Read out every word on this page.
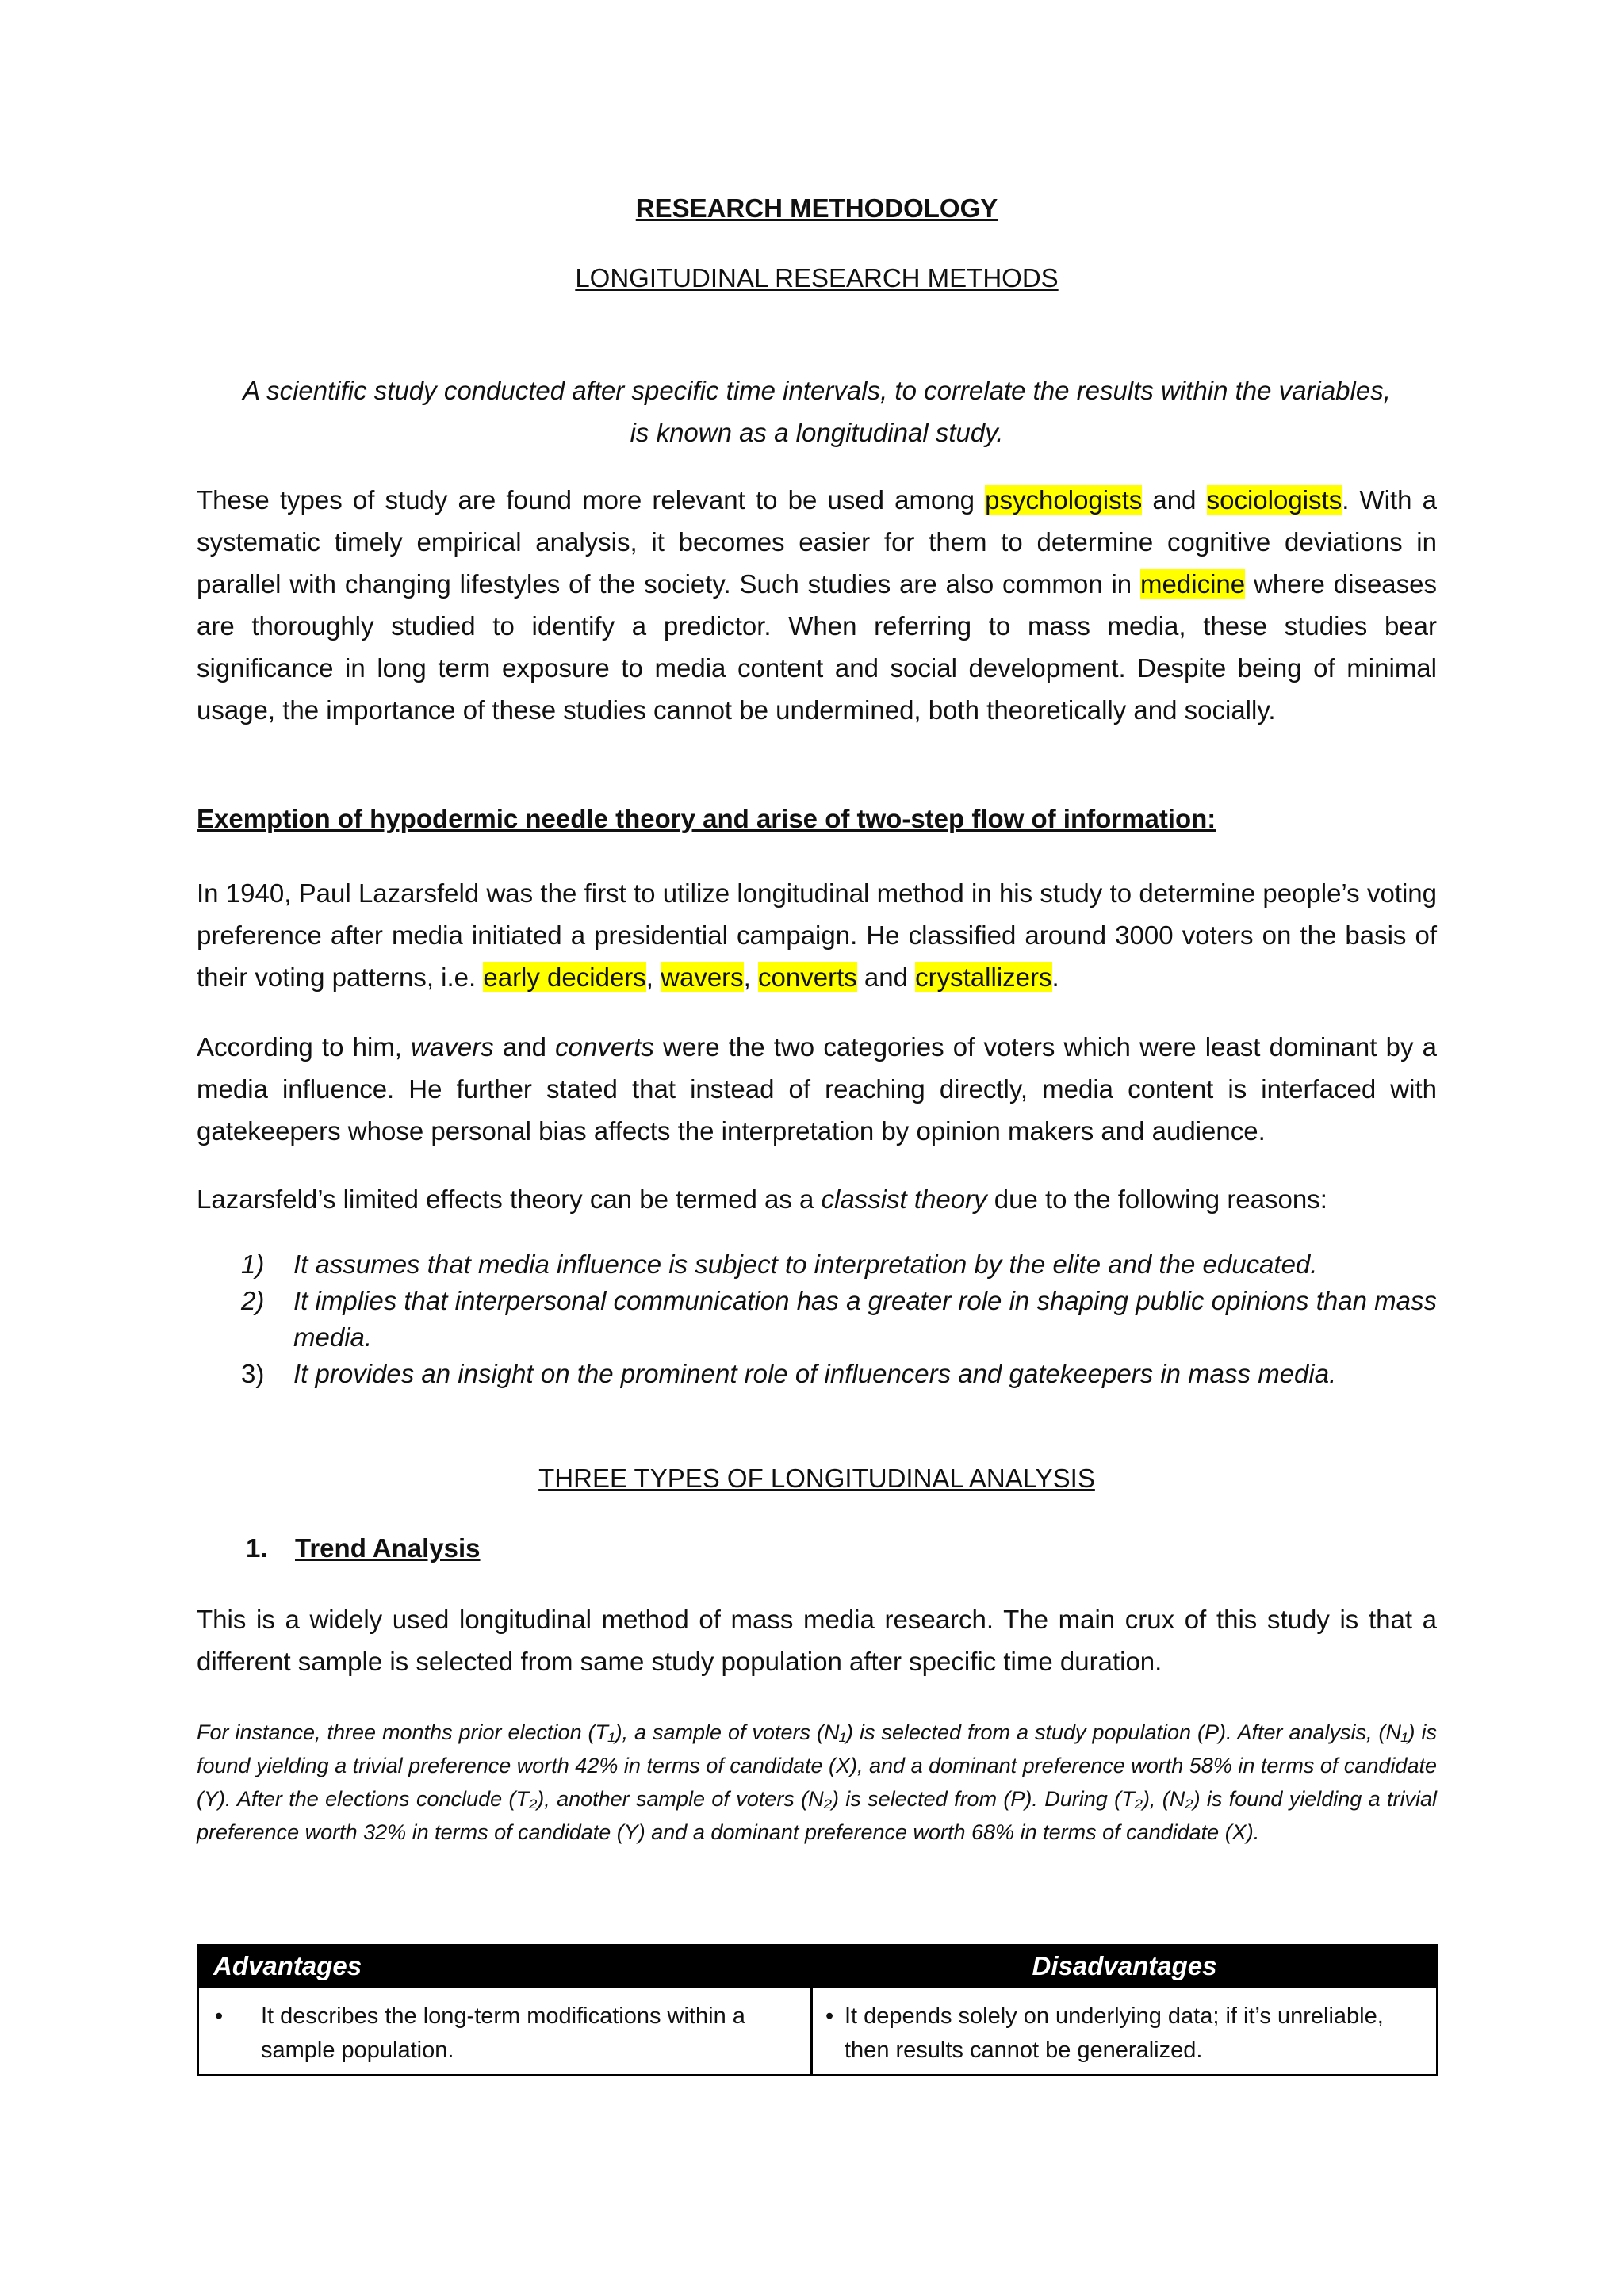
RESEARCH METHODOLOGY
LONGITUDINAL RESEARCH METHODS
A scientific study conducted after specific time intervals, to correlate the results within the variables,
is known as a longitudinal study.
These types of study are found more relevant to be used among psychologists and sociologists. With a systematic timely empirical analysis, it becomes easier for them to determine cognitive deviations in parallel with changing lifestyles of the society. Such studies are also common in medicine where diseases are thoroughly studied to identify a predictor. When referring to mass media, these studies bear significance in long term exposure to media content and social development. Despite being of minimal usage, the importance of these studies cannot be undermined, both theoretically and socially.
Exemption of hypodermic needle theory and arise of two-step flow of information:
In 1940, Paul Lazarsfeld was the first to utilize longitudinal method in his study to determine people’s voting preference after media initiated a presidential campaign. He classified around 3000 voters on the basis of their voting patterns, i.e. early deciders, wavers, converts and crystallizers.
According to him, wavers and converts were the two categories of voters which were least dominant by a media influence. He further stated that instead of reaching directly, media content is interfaced with gatekeepers whose personal bias affects the interpretation by opinion makers and audience.
Lazarsfeld’s limited effects theory can be termed as a classist theory due to the following reasons:
1) It assumes that media influence is subject to interpretation by the elite and the educated.
2) It implies that interpersonal communication has a greater role in shaping public opinions than mass media.
3) It provides an insight on the prominent role of influencers and gatekeepers in mass media.
THREE TYPES OF LONGITUDINAL ANALYSIS
1. Trend Analysis
This is a widely used longitudinal method of mass media research. The main crux of this study is that a different sample is selected from same study population after specific time duration.
For instance, three months prior election (T₁), a sample of voters (N₁) is selected from a study population (P). After analysis, (N₁) is found yielding a trivial preference worth 42% in terms of candidate (X), and a dominant preference worth 58% in terms of candidate (Y). After the elections conclude (T₂), another sample of voters (N₂) is selected from (P). During (T₂), (N₂) is found yielding a trivial preference worth 32% in terms of candidate (Y) and a dominant preference worth 68% in terms of candidate (X).
Advantages	Disadvantages

• It describes the long-term modifications within a sample population.	• It depends solely on underlying data; if it’s unreliable, then results cannot be generalized.
